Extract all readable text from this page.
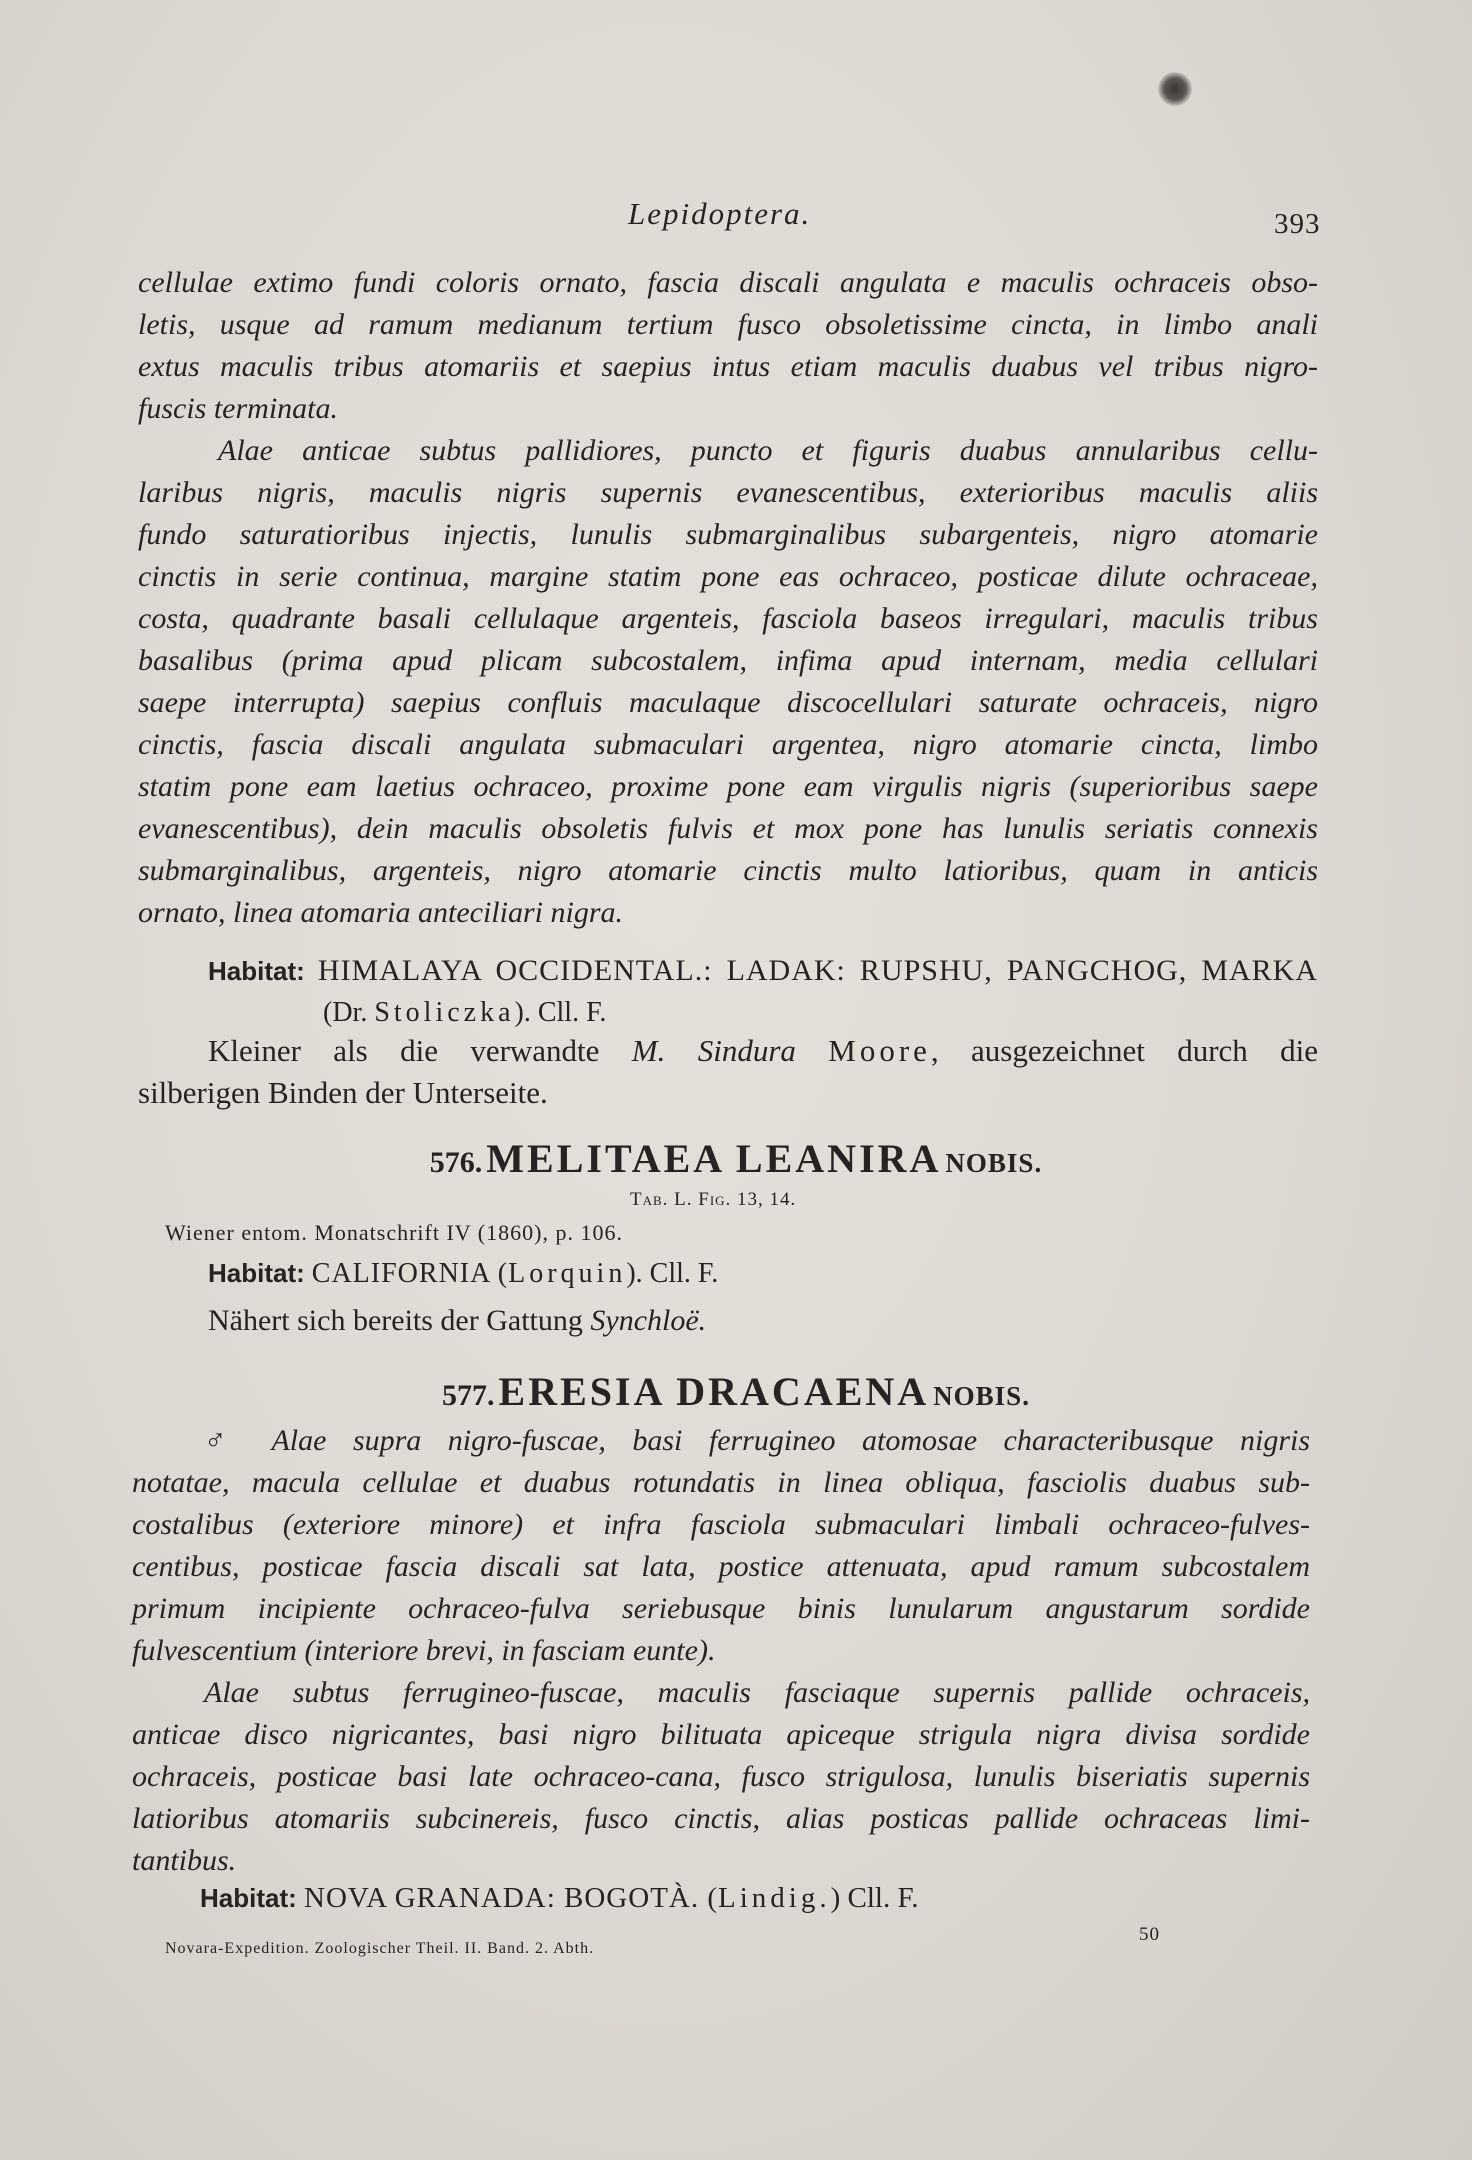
Lepidoptera.	393
cellulae extimo fundi coloris ornato, fascia discali angulata e maculis ochraceis obso-
letis, usque ad ramum medianum tertium fusco obsoletissime cincta, in limbo anali
extus maculis tribus atomariis et saepius intus etiam maculis duabus vel tribus nigro-
fuscis terminata.
Alae anticae subtus pallidiores, puncto et figuris duabus annularibus cellu-
laribus nigris, maculis nigris supernis evanescentibus, exterioribus maculis aliis
fundo saturatioribus injectis, lunulis submarginalibus subargenteis, nigro atomarie
cinctis in serie continua, margine statim pone eas ochraceo, posticae dilute ochraceae,
costa, quadrante basali cellulaque argenteis, fasciola baseos irregulari, maculis tribus
basalibus (prima apud plicam subcostalem, infima apud internam, media cellulari
saepe interrupta) saepius confluis maculaque discocellulari saturate ochraceis, nigro
cinctis, fascia discali angulata submaculari argentea, nigro atomarie cincta, limbo
statim pone eam laetius ochraceo, proxime pone eam virgulis nigris (superioribus saepe
evanescentibus), dein maculis obsoletis fulvis et mox pone has lunulis seriatis connexis
submarginalibus, argenteis, nigro atomarie cinctis multo latioribus, quam in anticis
ornato, linea atomaria anteciliari nigra.
Habitat: HIMALAYA OCCIDENTAL.: LADAK: RUPSHU, PANGCHOG, MARKA
(Dr. Stoliczka). Cll. F.
Kleiner als die verwandte M. Sindura Moore, ausgezeichnet durch die
silberigen Binden der Unterseite.
576. MELITAEA LEANIRA NOBIS.
Tab. L. Fig. 13, 14.
Wiener entom. Monatschrift IV (1860), p. 106.
Habitat: CALIFORNIA (Lorquin). Cll. F.
Nähert sich bereits der Gattung Synchloë.
577. ERESIA DRACAENA NOBIS.
♂ Alae supra nigro-fuscae, basi ferrugineo atomosae characteribusque nigris
notatae, macula cellulae et duabus rotundatis in linea obliqua, fasciolis duabus sub-
costalibus (exteriore minore) et infra fasciola submaculari limbali ochraceo-fulves-
centibus, posticae fascia discali sat lata, postice attenuata, apud ramum subcostalem
primum incipiente ochraceo-fulva seriebusque binis lunularum angustarum sordide
fulvescentium (interiore brevi, in fasciam eunte).
Alae subtus ferrugineo-fuscae, maculis fasciaque supernis pallide ochraceis,
anticae disco nigricantes, basi nigro bilituata apiceque strigula nigra divisa sordide
ochraceis, posticae basi late ochraceo-cana, fusco strigulosa, lunulis biseriatis supernis
latioribus atomariis subcinereis, fusco cinctis, alias posticas pallide ochraceas limi-
tantibus.
Habitat: NOVA GRANADA: BOGOTÀ. (Lindig.) Cll. F.
Novara-Expedition. Zoologischer Theil. II. Band. 2. Abth.
50
